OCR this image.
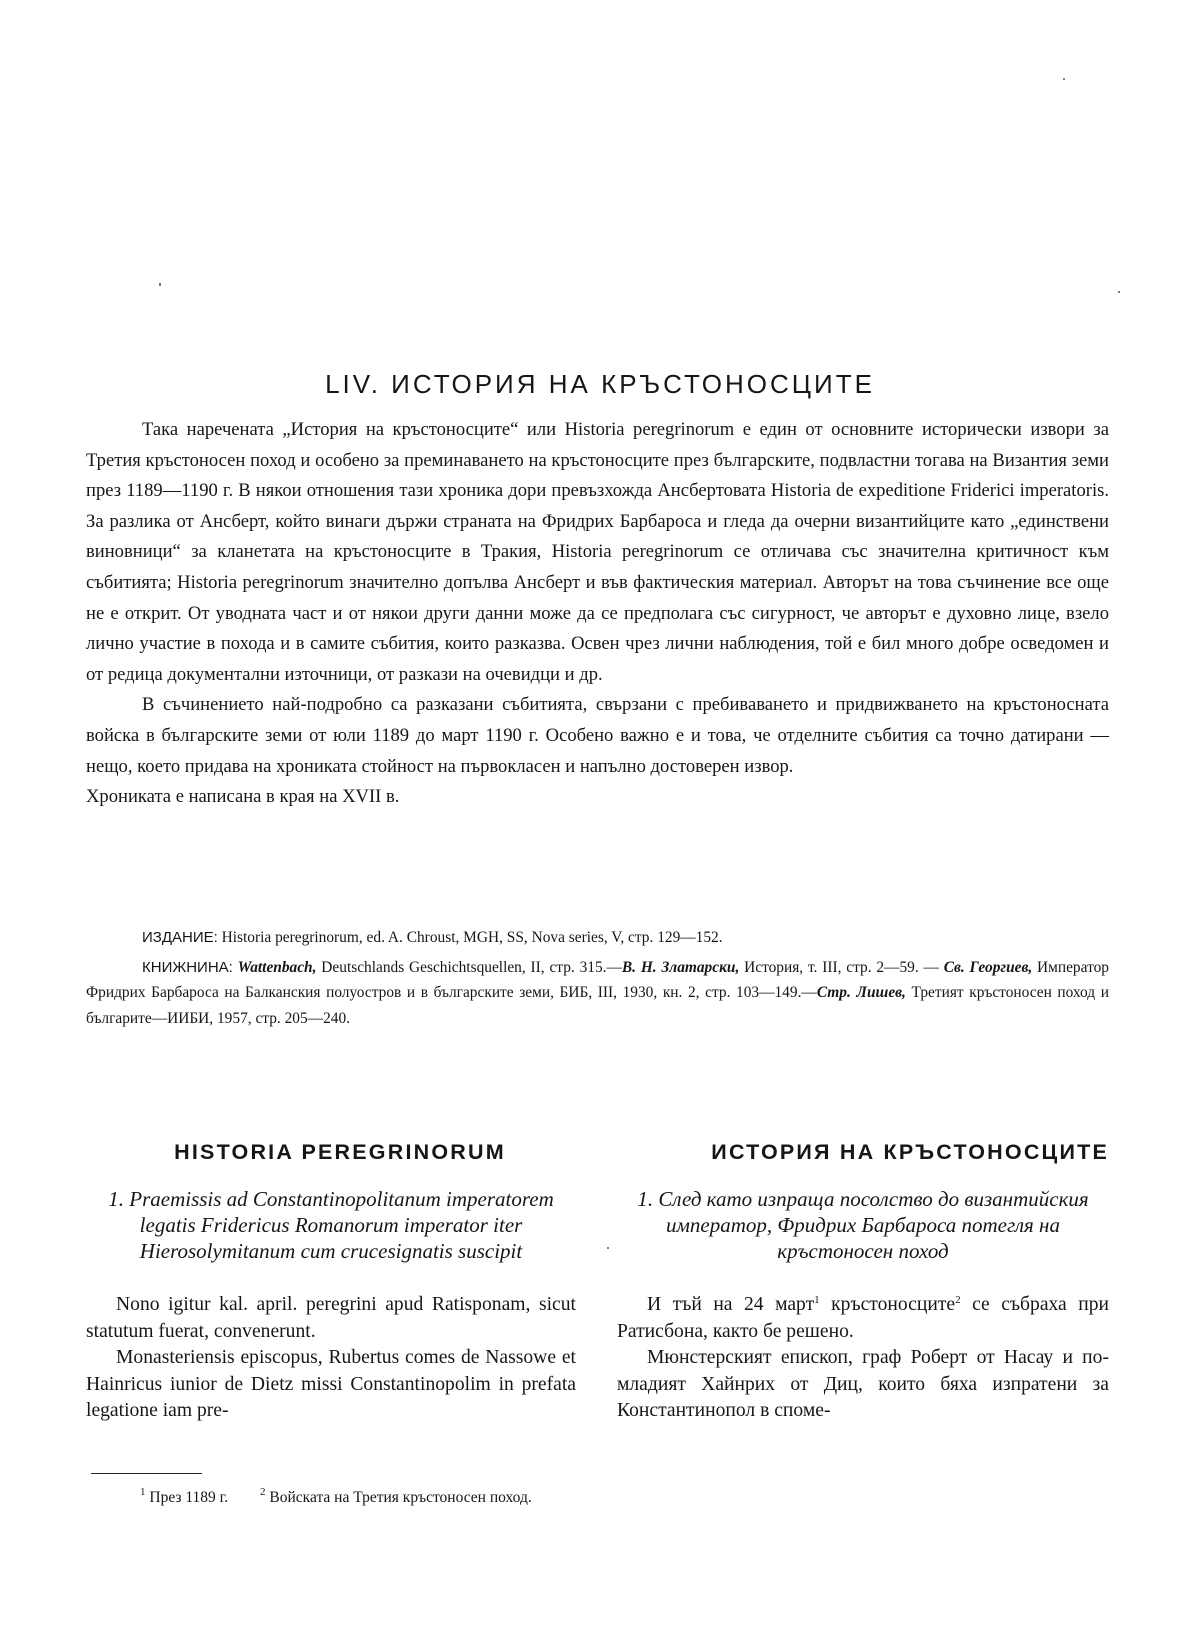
LIV. ИСТОРИЯ НА КРЪСТОНОСЦИТЕ

Така наречената „История на кръстоносците“ или Historia peregrinorum е един от основните исторически извори за Третия кръстоносен поход и особено за преминаването на кръстоносците през българските, подвластни тогава на Византия земи през 1189—1190 г. В някои отношения тази хроника дори превъзхожда Ансбертовата Historia de expeditione Friderici imperatoris. За разлика от Ансберт, който винаги държи страната на Фридрих Барбароса и гледа да очерни византийците като „единствени виновници“ за кланетата на кръстоносците в Тракия, Historia peregrinorum се отличава със значителна критичност към събитията; Historia peregrinorum значително допълва Ансберт и във фактическия материал. Авторът на това съчинение все още не е открит. От уводната част и от някои други данни може да се предполага със сигурност, че авторът е духовно лице, взело лично участие в похода и в самите събития, които разказва. Освен чрез лични наблюдения, той е бил много добре осведомен и от редица документални източници, от разкази на очевидци и др.

В съчинението най-подробно са разказани събитията, свързани с пребиваването и придвижването на кръстоносната войска в българските земи от юли 1189 до март 1190 г. Особено важно е и това, че отделните събития са точно датирани — нещо, което придава на хрониката стойност на първокласен и напълно достоверен извор.

Хрониката е написана в края на XVII в.

ИЗДАНИЕ: Historia peregrinorum, ed. A. Chroust, MGH, SS, Nova series, V, стр. 129—152.

КНИЖНИНА: Wattenbach, Deutschlands Geschichtsquellen, II, стр. 315.—В. Н. Златарски, История, т. III, стр. 2—59. — Св. Георгиев, Император Фридрих Барбароса на Балканския полуостров и в българските земи, БИБ, III, 1930, кн. 2, стр. 103—149.—Стр. Лишев, Третият кръстоносен поход и българите—ИИБИ, 1957, стр. 205—240.

HISTORIA PEREGRINORUM

1. Praemissis ad Constantinopolitanum imperatorem legatis Fridericus Romanorum imperator iter Hierosolymitanum cum crucesignatis suscipit

Nono igitur kal. april. peregrini apud Ratisponam, sicut statutum fuerat, convenerunt.

Monasteriensis episcopus, Rubertus comes de Nassowe et Hainricus iunior de Dietz missi Constantinopolim in prefata legatione iam pre-

ИСТОРИЯ НА КРЪСТОНОСЦИТЕ

1. След като изпраща посолство до византийския император, Фридрих Барбароса потегля на кръстоносен поход

И тъй на 24 март$^1$ кръстоносците$^2$ се събраха при Ратисбона, както бе решено.

Мюнстерският епископ, граф Роберт от Насау и по-младият Хайнрих от Диц, които бяха изпратени за Константинопол в споме-

$^1$ През 1189 г.	$^2$ Войската на Третия кръстоносен поход.
